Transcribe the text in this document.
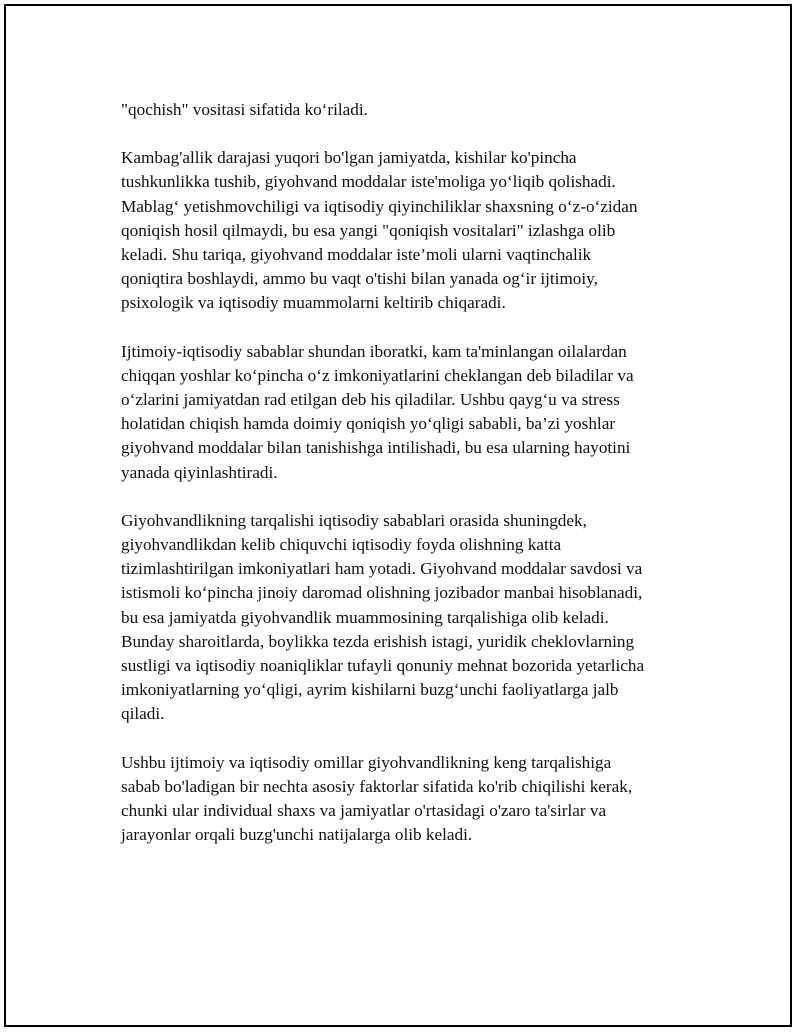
"qochish" vositasi sifatida ko‘riladi.

Kambag'allik darajasi yuqori bo'lgan jamiyatda, kishilar ko'pincha
tushkunlikka tushib, giyohvand moddalar iste'moliga yo‘liqib qolishadi.
Mablag‘ yetishmovchiligi va iqtisodiy qiyinchiliklar shaxsning o‘z-o‘zidan
qoniqish hosil qilmaydi, bu esa yangi "qoniqish vositalari" izlashga olib
keladi. Shu tariqa, giyohvand moddalar iste’moli ularni vaqtinchalik
qoniqtira boshlaydi, ammo bu vaqt o'tishi bilan yanada og‘ir ijtimoiy,
psixologik va iqtisodiy muammolarni keltirib chiqaradi.

Ijtimoiy-iqtisodiy sabablar shundan iboratki, kam ta'minlangan oilalardan
chiqqan yoshlar ko‘pincha o‘z imkoniyatlarini cheklangan deb biladilar va
o‘zlarini jamiyatdan rad etilgan deb his qiladilar. Ushbu qayg‘u va stress
holatidan chiqish hamda doimiy qoniqish yo‘qligi sababli, ba’zi yoshlar
giyohvand moddalar bilan tanishishga intilishadi, bu esa ularning hayotini
yanada qiyinlashtiradi.

Giyohvandlikning tarqalishi iqtisodiy sabablari orasida shuningdek,
giyohvandlikdan kelib chiquvchi iqtisodiy foyda olishning katta
tizimlashtirilgan imkoniyatlari ham yotadi. Giyohvand moddalar savdosi va
istismoli ko‘pincha jinoiy daromad olishning jozibador manbai hisoblanadi,
bu esa jamiyatda giyohvandlik muammosining tarqalishiga olib keladi.
Bunday sharoitlarda, boylikka tezda erishish istagi, yuridik cheklovlarning
sustligi va iqtisodiy noaniqliklar tufayli qonuniy mehnat bozorida yetarlicha
imkoniyatlarning yo‘qligi, ayrim kishilarni buzg‘unchi faoliyatlarga jalb
qiladi.

Ushbu ijtimoiy va iqtisodiy omillar giyohvandlikning keng tarqalishiga
sabab bo'ladigan bir nechta asosiy faktorlar sifatida ko'rib chiqilishi kerak,
chunki ular individual shaxs va jamiyatlar o'rtasidagi o'zaro ta'sirlar va
jarayonlar orqali buzg'unchi natijalarga olib keladi.
